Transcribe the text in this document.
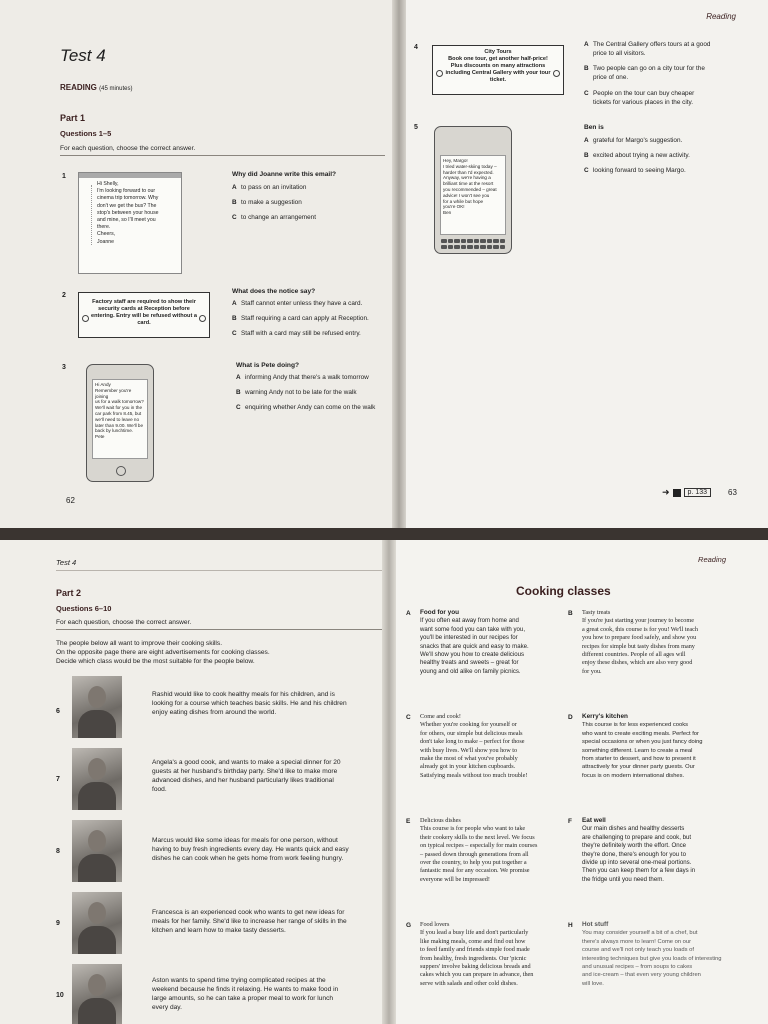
Test 4
READING (45 minutes)
Part 1
Questions 1–5
For each question, choose the correct answer.
1
Hi Shelly,
I'm looking forward to our
cinema trip tomorrow. Why
don't we get the bus? The
stop's between your house
and mine, so I'll meet you
there.
Cheers,
Joanne
Why did Joanne write this email?
A to pass on an invitation
B to make a suggestion
C to change an arrangement
2
Factory staff are required to show their security cards at Reception before entering. Entry will be refused without a card.
What does the notice say?
A Staff cannot enter unless they have a card.
B Staff requiring a card can apply at Reception.
C Staff with a card may still be refused entry.
3
Hi Andy
Remember you're joining
us for a walk tomorrow?
We'll wait for you in the
car park from 8.45, but
we'll need to leave no
later than 9.00. We'll be
back by lunchtime.
Pete
What is Pete doing?
A informing Andy that there's a walk tomorrow
B warning Andy not to be late for the walk
C enquiring whether Andy can come on the walk
62
Reading
4
City Tours
Book one tour, get another half-price! Plus discounts on many attractions including Central Gallery with your tour ticket.
A The Central Gallery offers tours at a good
price to all visitors.
B Two people can go on a city tour for the
price of one.
C People on the tour can buy cheaper
tickets for various places in the city.
5
Hey, Margo!
I tried water-skiing today –
harder than I'd expected.
Anyway, we're having a
brilliant time at the resort
you recommended – great
advice! I won't see you
for a while but hope
you're OK!
Ben
Ben is
A grateful for Margo's suggestion.
B excited about trying a new activity.
C looking forward to seeing Margo.
➜	p. 133	63
Test 4
Part 2
Questions 6–10
For each question, choose the correct answer.
The people below all want to improve their cooking skills.
On the opposite page there are eight advertisements for cooking classes.
Decide which class would be the most suitable for the people below.
6
Rashid would like to cook healthy meals for his children, and is
looking for a course which teaches basic skills. He and his children
enjoy eating dishes from around the world.
7
Angela's a good cook, and wants to make a special dinner for 20
guests at her husband's birthday party. She'd like to make more
advanced dishes, and her husband particularly likes traditional
food.
8
Marcus would like some ideas for meals for one person, without
having to buy fresh ingredients every day. He wants quick and easy
dishes he can cook when he gets home from work feeling hungry.
9
Francesca is an experienced cook who wants to get new ideas for
meals for her family. She'd like to increase her range of skills in the
kitchen and learn how to make tasty desserts.
10
Aston wants to spend time trying complicated recipes at the
weekend because he finds it relaxing. He wants to make food in
large amounts, so he can take a proper meal to work for lunch
every day.
Reading
Cooking classes
A Food for you
If you often eat away from home and
want some food you can take with you,
you'll be interested in our recipes for
snacks that are quick and easy to make.
We'll show you how to create delicious
healthy treats and sweets – great for
young and old alike on family picnics.
B Tasty treats
If you're just starting your journey to become
a great cook, this course is for you! We'll teach
you how to prepare food safely, and show you
recipes for simple but tasty dishes from many
different countries. People of all ages will
enjoy these dishes, which are also very good
for you.
C Come and cook!
Whether you're cooking for yourself or
for others, our simple but delicious meals
don't take long to make – perfect for those
with busy lives. We'll show you how to
make the most of what you've probably
already got in your kitchen cupboards.
Satisfying meals without too much trouble!
D Kerry's kitchen
This course is for less experienced cooks
who want to create exciting meals. Perfect for
special occasions or when you just fancy doing
something different. Learn to create a meal
from starter to dessert, and how to present it
attractively for your dinner party guests. Our
focus is on modern international dishes.
E Delicious dishes
This course is for people who want to take
their cookery skills to the next level. We focus
on typical recipes – especially for main courses
– passed down through generations from all
over the country, to help you put together a
fantastic meal for any occasion. We promise
everyone will be impressed!
F Eat well
Our main dishes and healthy desserts
are challenging to prepare and cook, but
they're definitely worth the effort. Once
they're done, there's enough for you to
divide up into several one-meal portions.
Then you can keep them for a few days in
the fridge until you need them.
G Food lovers
If you lead a busy life and don't particularly
like making meals, come and find out how
to feed family and friends simple food made
from healthy, fresh ingredients. Our 'picnic
suppers' involve baking delicious breads and
cakes which you can prepare in advance, then
serve with salads and other cold dishes.
H Hot stuff
You may consider yourself a bit of a chef, but
there's always more to learn! Come on our
course and we'll not only teach you loads of
interesting techniques but give you loads of interesting
and unusual recipes – from soups to cakes
and ice-cream – that even very young children
will love.
